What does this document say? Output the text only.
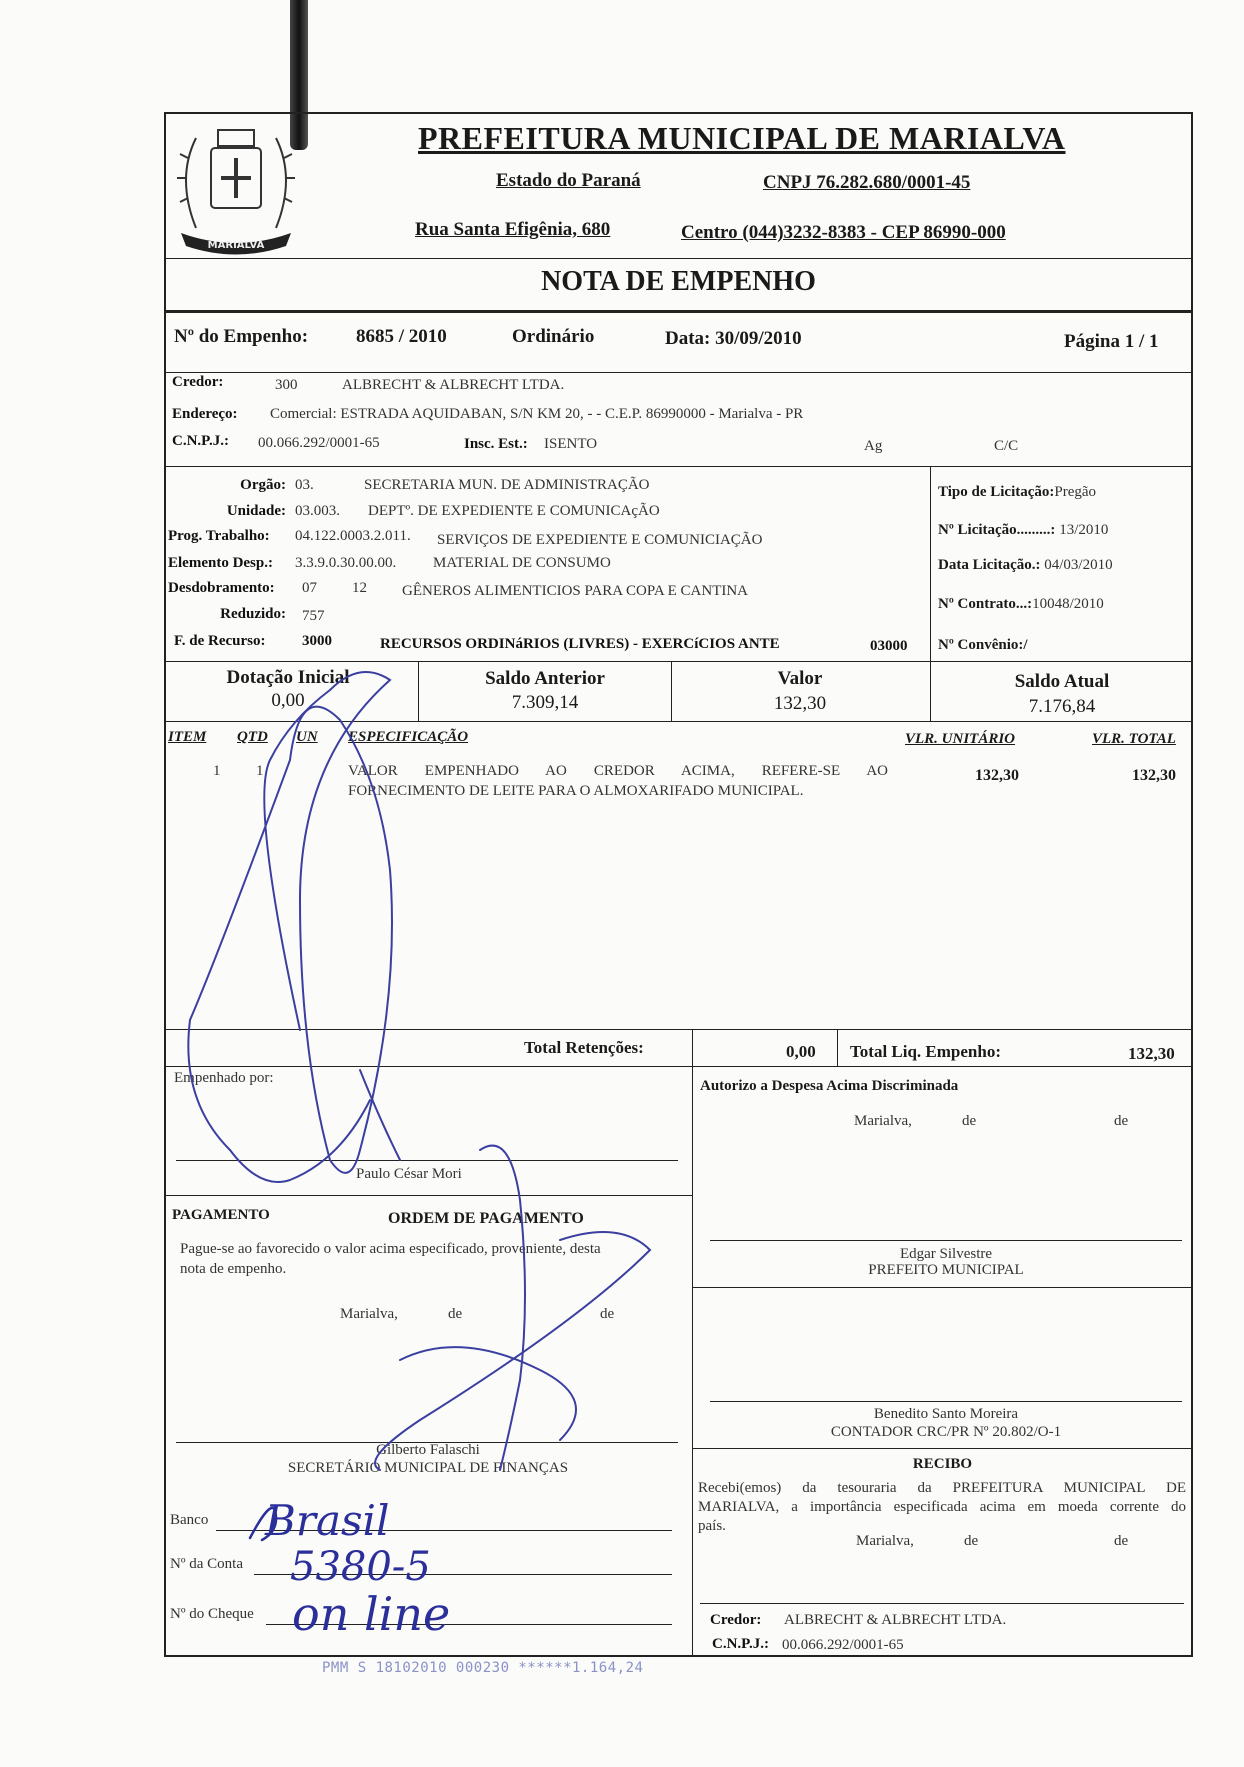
MARIALVA
PREFEITURA MUNICIPAL DE MARIALVA
Estado do Paraná	CNPJ 76.282.680/0001-45
Rua Santa Efigênia, 680	Centro (044)3232-8383 - CEP 86990-000
NOTA DE EMPENHO
Nº do Empenho:	8685 / 2010	Ordinário	Data: 30/09/2010	Página 1 / 1
Credor:	300	ALBRECHT & ALBRECHT LTDA.
Endereço: Comercial: ESTRADA AQUIDABAN, S/N KM 20, - - C.E.P. 86990000 - Marialva - PR
C.N.P.J.: 00.066.292/0001-65	Insc. Est.: ISENTO	Ag	C/C
Orgão: 03.	SECRETARIA MUN. DE ADMINISTRAÇÃO
Unidade: 03.003. DEPTº. DE EXPEDIENTE E COMUNICAçÃO
Prog. Trabalho: 04.122.0003.2.011. SERVIÇOS DE EXPEDIENTE E COMUNICIAÇÃO
Elemento Desp.: 3.3.9.0.30.00.00. MATERIAL DE CONSUMO
Desdobramento: 07 12 GÊNEROS ALIMENTICIOS PARA COPA E CANTINA
Reduzido: 757
F. de Recurso: 3000	RECURSOS ORDINáRIOS (LIVRES) - EXERCíCIOS ANTE	03000
Tipo de Licitação:Pregão
Nº Licitação.........: 13/2010
Data Licitação.: 04/03/2010
Nº Contrato...:10048/2010
Nº Convênio:/
Dotação Inicial
0,00
Saldo Anterior
7.309,14
Valor
132,30
Saldo Atual
7.176,84
ITEM QTD UN ESPECIFICAÇÃO	VLR. UNITÁRIO	VLR. TOTAL
1 1	VALOR EMPENHADO AO CREDOR ACIMA, REFERE-SE AO
FORNECIMENTO DE LEITE PARA O ALMOXARIFADO MUNICIPAL.
132,30	132,30
Total Retenções:	0,00 Total Liq. Empenho:	132,30
Empenhado por:
Paulo César Mori
Autorizo a Despesa Acima Discriminada
Marialva,	de	de
Edgar Silvestre
PREFEITO MUNICIPAL
PAGAMENTO	ORDEM DE PAGAMENTO
Pague-se ao favorecido o valor acima especificado, proveniente, desta
nota de empenho.
Marialva,	de	de
Gilberto Falaschi
SECRETÁRIO MUNICIPAL DE FINANÇAS
Banco
Nº da Conta
Nº do Cheque
Benedito Santo Moreira
CONTADOR CRC/PR Nº 20.802/O-1
RECIBO
Recebi(emos) da tesouraria da PREFEITURA MUNICIPAL DE
MARIALVA, a importância especificada acima em moeda corrente do
país.
Marialva,	de	de
Credor: ALBRECHT & ALBRECHT LTDA.
C.N.P.J.: 00.066.292/0001-65
PMM S 18102010 000230 ******1.164,24
Brasil
5380-5
on line
